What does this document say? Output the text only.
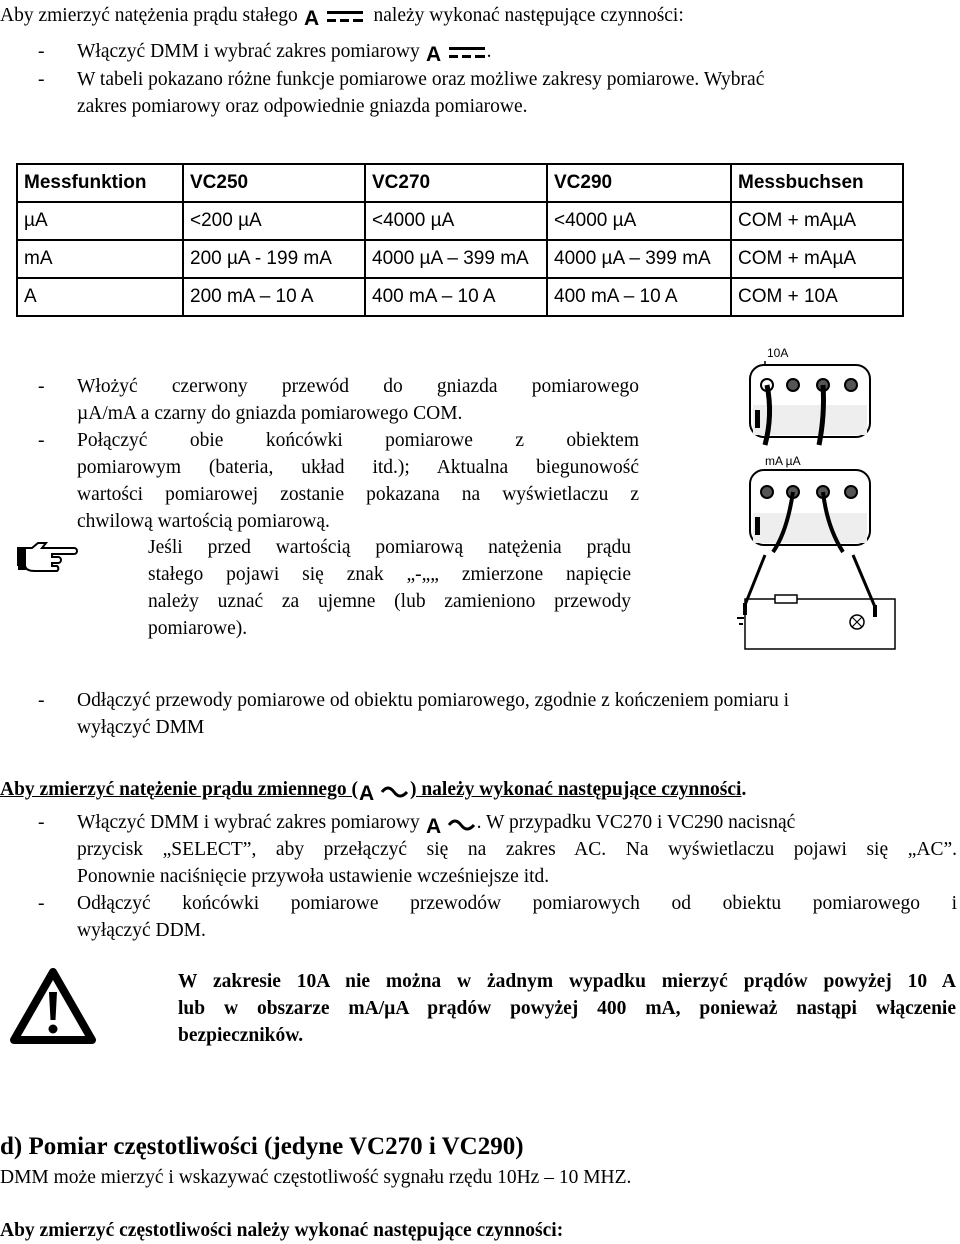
Aby zmierzyć natężenia prądu stałego A	należy wykonać następujące czynności:
- Włączyć DMM i wybrać zakres pomiarowy A .
- W tabeli pokazano różne funkcje pomiarowe oraz możliwe zakresy pomiarowe. Wybrać
zakres pomiarowy oraz odpowiednie gniazda pomiarowe.
Messfunktion	VC250	VC270	VC290	Messbuchsen
µA	<200 µA	<4000 µA	<4000 µA	COM + mAµA
mA	200 µA - 199 mA	4000 µA – 399 mA	4000 µA – 399 mA	COM + mAµA
A	200 mA – 10 A	400 mA – 10 A	400 mA – 10 A	COM + 10A
- Włożyć czerwony przewód do gniazda pomiarowego
µA/mA a czarny do gniazda pomiarowego COM.
- Połączyć obie końcówki pomiarowe z obiektem
pomiarowym (bateria, układ itd.); Aktualna biegunowość
wartości pomiarowej zostanie pokazana na wyświetlaczu z
chwilową wartością pomiarową.
Jeśli przed wartością pomiarową natężenia prądu
stałego pojawi się znak „-„„ zmierzone napięcie
należy uznać za ujemne (lub zamieniono przewody
pomiarowe).
10A
mA µA
- Odłączyć przewody pomiarowe od obiektu pomiarowego, zgodnie z kończeniem pomiaru i
wyłączyć DMM
Aby zmierzyć natężenie prądu zmiennego ( A ) należy wykonać następujące czynności.
- Włączyć DMM i wybrać zakres pomiarowy A . W przypadku VC270 i VC290 nacisnąć
przycisk „SELECT”, aby przełączyć się na zakres AC. Na wyświetlaczu pojawi się „AC”.
Ponownie naciśnięcie przywoła ustawienie wcześniejsze itd.
- Odłączyć końcówki pomiarowe przewodów pomiarowych od obiektu pomiarowego i
wyłączyć DDM.
W zakresie 10A nie można w żadnym wypadku mierzyć prądów powyżej 10 A
lub w obszarze mA/µA prądów powyżej 400 mA, ponieważ nastąpi włączenie
bezpieczników.
d) Pomiar częstotliwości (jedyne VC270 i VC290)
DMM może mierzyć i wskazywać częstotliwość sygnału rzędu 10Hz – 10 MHZ.
Aby zmierzyć częstotliwości należy wykonać następujące czynności:
